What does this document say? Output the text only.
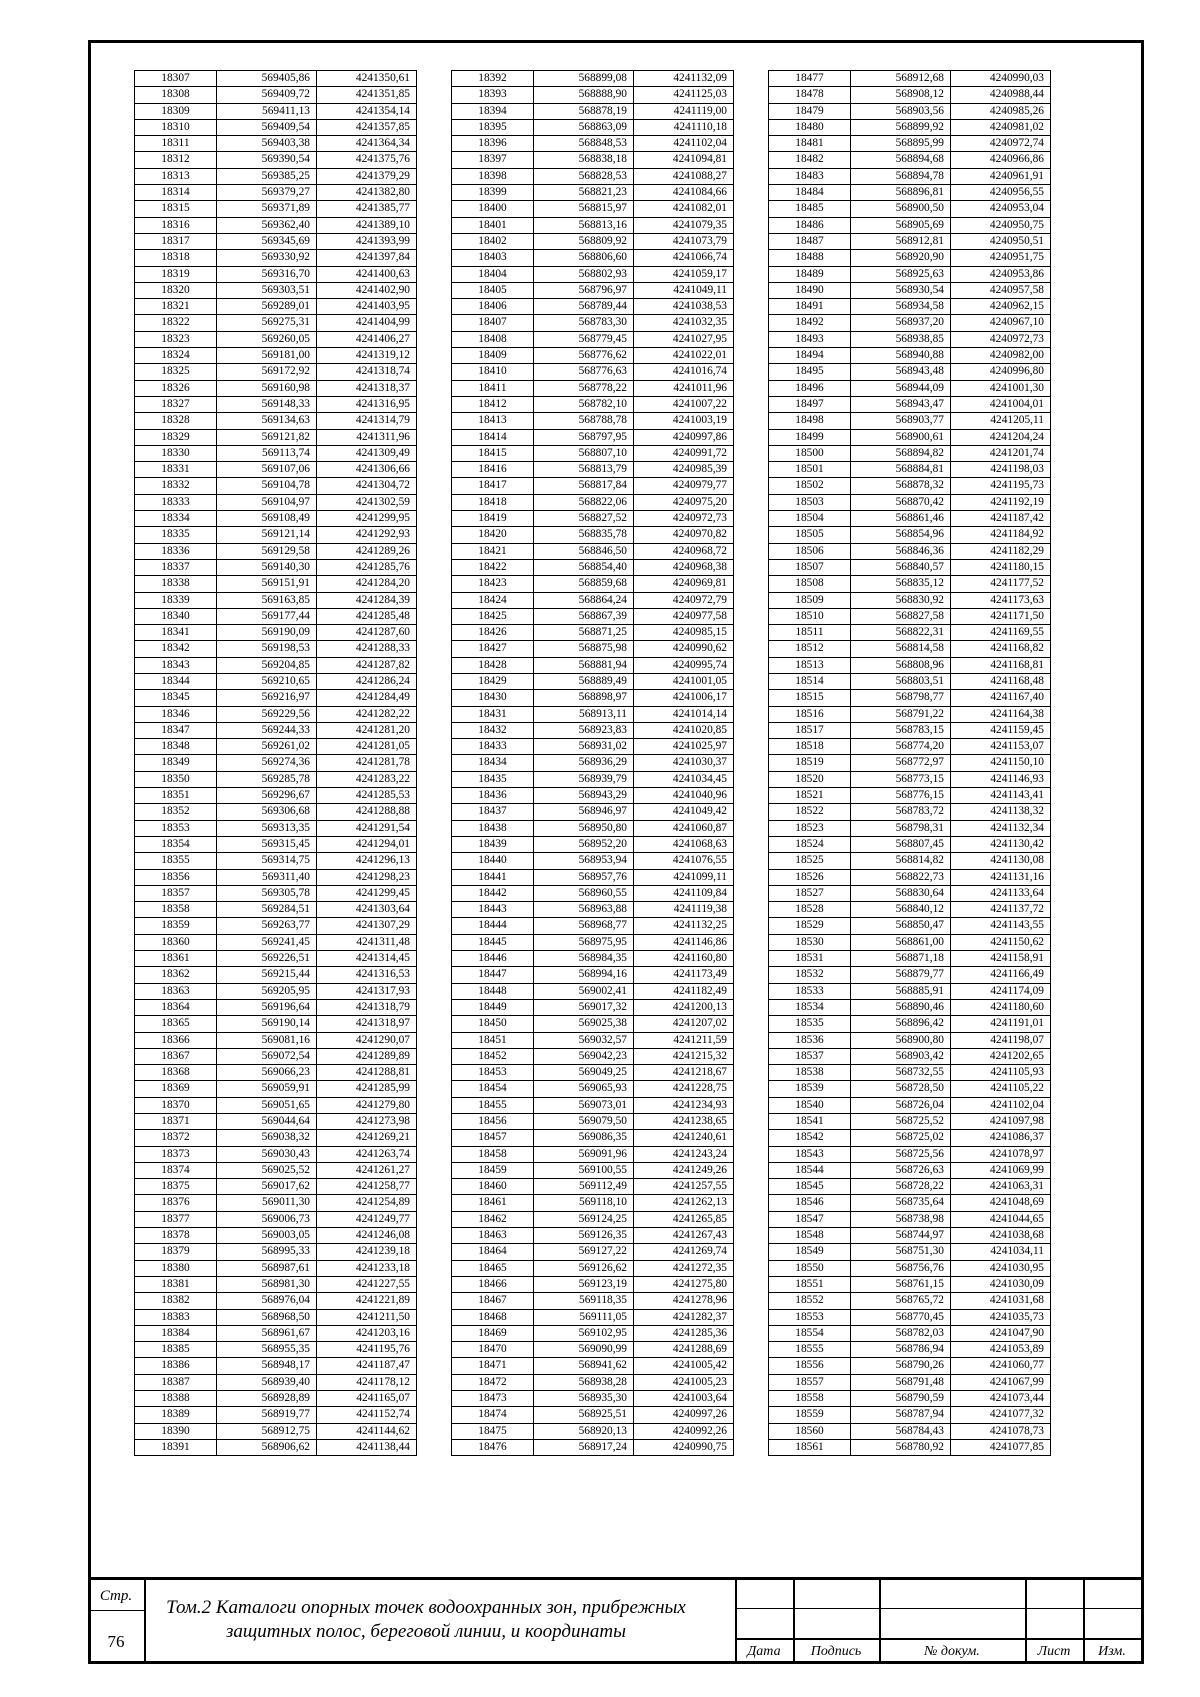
18307	569405,86	4241350,61
18308	569409,72	4241351,85
18309	569411,13	4241354,14
18310	569409,54	4241357,85
18311	569403,38	4241364,34
18312	569390,54	4241375,76
18313	569385,25	4241379,29
18314	569379,27	4241382,80
18315	569371,89	4241385,77
18316	569362,40	4241389,10
18317	569345,69	4241393,99
18318	569330,92	4241397,84
18319	569316,70	4241400,63
18320	569303,51	4241402,90
18321	569289,01	4241403,95
18322	569275,31	4241404,99
18323	569260,05	4241406,27
18324	569181,00	4241319,12
18325	569172,92	4241318,74
18326	569160,98	4241318,37
18327	569148,33	4241316,95
18328	569134,63	4241314,79
18329	569121,82	4241311,96
18330	569113,74	4241309,49
18331	569107,06	4241306,66
18332	569104,78	4241304,72
18333	569104,97	4241302,59
18334	569108,49	4241299,95
18335	569121,14	4241292,93
18336	569129,58	4241289,26
18337	569140,30	4241285,76
18338	569151,91	4241284,20
18339	569163,85	4241284,39
18340	569177,44	4241285,48
18341	569190,09	4241287,60
18342	569198,53	4241288,33
18343	569204,85	4241287,82
18344	569210,65	4241286,24
18345	569216,97	4241284,49
18346	569229,56	4241282,22
18347	569244,33	4241281,20
18348	569261,02	4241281,05
18349	569274,36	4241281,78
18350	569285,78	4241283,22
18351	569296,67	4241285,53
18352	569306,68	4241288,88
18353	569313,35	4241291,54
18354	569315,45	4241294,01
18355	569314,75	4241296,13
18356	569311,40	4241298,23
18357	569305,78	4241299,45
18358	569284,51	4241303,64
18359	569263,77	4241307,29
18360	569241,45	4241311,48
18361	569226,51	4241314,45
18362	569215,44	4241316,53
18363	569205,95	4241317,93
18364	569196,64	4241318,79
18365	569190,14	4241318,97
18366	569081,16	4241290,07
18367	569072,54	4241289,89
18368	569066,23	4241288,81
18369	569059,91	4241285,99
18370	569051,65	4241279,80
18371	569044,64	4241273,98
18372	569038,32	4241269,21
18373	569030,43	4241263,74
18374	569025,52	4241261,27
18375	569017,62	4241258,77
18376	569011,30	4241254,89
18377	569006,73	4241249,77
18378	569003,05	4241246,08
18379	568995,33	4241239,18
18380	568987,61	4241233,18
18381	568981,30	4241227,55
18382	568976,04	4241221,89
18383	568968,50	4241211,50
18384	568961,67	4241203,16
18385	568955,35	4241195,76
18386	568948,17	4241187,47
18387	568939,40	4241178,12
18388	568928,89	4241165,07
18389	568919,77	4241152,74
18390	568912,75	4241144,62
18391	568906,62	4241138,44
18392	568899,08	4241132,09
18393	568888,90	4241125,03
18394	568878,19	4241119,00
18395	568863,09	4241110,18
18396	568848,53	4241102,04
18397	568838,18	4241094,81
18398	568828,53	4241088,27
18399	568821,23	4241084,66
18400	568815,97	4241082,01
18401	568813,16	4241079,35
18402	568809,92	4241073,79
18403	568806,60	4241066,74
18404	568802,93	4241059,17
18405	568796,97	4241049,11
18406	568789,44	4241038,53
18407	568783,30	4241032,35
18408	568779,45	4241027,95
18409	568776,62	4241022,01
18410	568776,63	4241016,74
18411	568778,22	4241011,96
18412	568782,10	4241007,22
18413	568788,78	4241003,19
18414	568797,95	4240997,86
18415	568807,10	4240991,72
18416	568813,79	4240985,39
18417	568817,84	4240979,77
18418	568822,06	4240975,20
18419	568827,52	4240972,73
18420	568835,78	4240970,82
18421	568846,50	4240968,72
18422	568854,40	4240968,38
18423	568859,68	4240969,81
18424	568864,24	4240972,79
18425	568867,39	4240977,58
18426	568871,25	4240985,15
18427	568875,98	4240990,62
18428	568881,94	4240995,74
18429	568889,49	4241001,05
18430	568898,97	4241006,17
18431	568913,11	4241014,14
18432	568923,83	4241020,85
18433	568931,02	4241025,97
18434	568936,29	4241030,37
18435	568939,79	4241034,45
18436	568943,29	4241040,96
18437	568946,97	4241049,42
18438	568950,80	4241060,87
18439	568952,20	4241068,63
18440	568953,94	4241076,55
18441	568957,76	4241099,11
18442	568960,55	4241109,84
18443	568963,88	4241119,38
18444	568968,77	4241132,25
18445	568975,95	4241146,86
18446	568984,35	4241160,80
18447	568994,16	4241173,49
18448	569002,41	4241182,49
18449	569017,32	4241200,13
18450	569025,38	4241207,02
18451	569032,57	4241211,59
18452	569042,23	4241215,32
18453	569049,25	4241218,67
18454	569065,93	4241228,75
18455	569073,01	4241234,93
18456	569079,50	4241238,65
18457	569086,35	4241240,61
18458	569091,96	4241243,24
18459	569100,55	4241249,26
18460	569112,49	4241257,55
18461	569118,10	4241262,13
18462	569124,25	4241265,85
18463	569126,35	4241267,43
18464	569127,22	4241269,74
18465	569126,62	4241272,35
18466	569123,19	4241275,80
18467	569118,35	4241278,96
18468	569111,05	4241282,37
18469	569102,95	4241285,36
18470	569090,99	4241288,69
18471	568941,62	4241005,42
18472	568938,28	4241005,23
18473	568935,30	4241003,64
18474	568925,51	4240997,26
18475	568920,13	4240992,26
18476	568917,24	4240990,75
18477	568912,68	4240990,03
18478	568908,12	4240988,44
18479	568903,56	4240985,26
18480	568899,92	4240981,02
18481	568895,99	4240972,74
18482	568894,68	4240966,86
18483	568894,78	4240961,91
18484	568896,81	4240956,55
18485	568900,50	4240953,04
18486	568905,69	4240950,75
18487	568912,81	4240950,51
18488	568920,90	4240951,75
18489	568925,63	4240953,86
18490	568930,54	4240957,58
18491	568934,58	4240962,15
18492	568937,20	4240967,10
18493	568938,85	4240972,73
18494	568940,88	4240982,00
18495	568943,48	4240996,80
18496	568944,09	4241001,30
18497	568943,47	4241004,01
18498	568903,77	4241205,11
18499	568900,61	4241204,24
18500	568894,82	4241201,74
18501	568884,81	4241198,03
18502	568878,32	4241195,73
18503	568870,42	4241192,19
18504	568861,46	4241187,42
18505	568854,96	4241184,92
18506	568846,36	4241182,29
18507	568840,57	4241180,15
18508	568835,12	4241177,52
18509	568830,92	4241173,63
18510	568827,58	4241171,50
18511	568822,31	4241169,55
18512	568814,58	4241168,82
18513	568808,96	4241168,81
18514	568803,51	4241168,48
18515	568798,77	4241167,40
18516	568791,22	4241164,38
18517	568783,15	4241159,45
18518	568774,20	4241153,07
18519	568772,97	4241150,10
18520	568773,15	4241146,93
18521	568776,15	4241143,41
18522	568783,72	4241138,32
18523	568798,31	4241132,34
18524	568807,45	4241130,42
18525	568814,82	4241130,08
18526	568822,73	4241131,16
18527	568830,64	4241133,64
18528	568840,12	4241137,72
18529	568850,47	4241143,55
18530	568861,00	4241150,62
18531	568871,18	4241158,91
18532	568879,77	4241166,49
18533	568885,91	4241174,09
18534	568890,46	4241180,60
18535	568896,42	4241191,01
18536	568900,80	4241198,07
18537	568903,42	4241202,65
18538	568732,55	4241105,93
18539	568728,50	4241105,22
18540	568726,04	4241102,04
18541	568725,52	4241097,98
18542	568725,02	4241086,37
18543	568725,56	4241078,97
18544	568726,63	4241069,99
18545	568728,22	4241063,31
18546	568735,64	4241048,69
18547	568738,98	4241044,65
18548	568744,97	4241038,68
18549	568751,30	4241034,11
18550	568756,76	4241030,95
18551	568761,15	4241030,09
18552	568765,72	4241031,68
18553	568770,45	4241035,73
18554	568782,03	4241047,90
18555	568786,94	4241053,89
18556	568790,26	4241060,77
18557	568791,48	4241067,99
18558	568790,59	4241073,44
18559	568787,94	4241077,32
18560	568784,43	4241078,73
18561	568780,92	4241077,85
Стр.
76
Том.2 Каталоги опорных точек водоохранных зон, прибрежных защитных полос, береговой линии, и координаты
Дата	Подпись	№ докум.	Лист	Изм.
